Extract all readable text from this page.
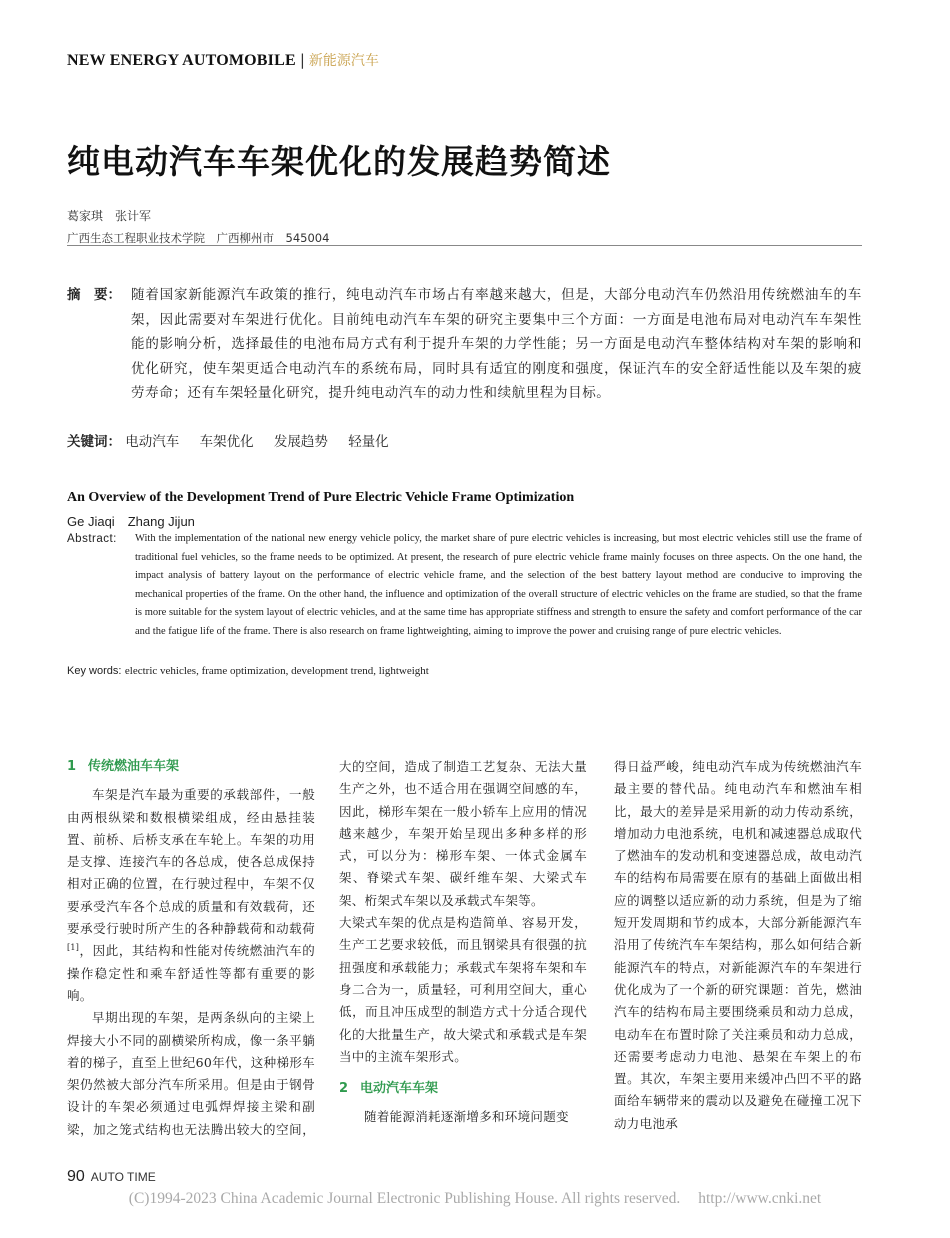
NEW ENERGY AUTOMOBILE | 新能源汽车
纯电动汽车车架优化的发展趋势简述
葛家琪　张计军
广西生态工程职业技术学院　广西柳州市　545004
摘　要： 随着国家新能源汽车政策的推行，纯电动汽车市场占有率越来越大，但是，大部分电动汽车仍然沿用传统燃油车的车架，因此需要对车架进行优化。目前纯电动汽车车架的研究主要集中三个方面：一方面是电池布局对电动汽车车架性能的影响分析，选择最佳的电池布局方式有利于提升车架的力学性能；另一方面是电动汽车整体结构对车架的影响和优化研究，使车架更适合电动汽车的系统布局，同时具有适宜的刚度和强度，保证汽车的安全舒适性能以及车架的疲劳寿命；还有车架轻量化研究，提升纯电动汽车的动力性和续航里程为目标。
关键词： 电动汽车 车架优化 发展趋势 轻量化
An Overview of the Development Trend of Pure Electric Vehicle Frame Optimization
Ge Jiaqi　Zhang Jijun
Abstract: With the implementation of the national new energy vehicle policy, the market share of pure electric vehicles is increasing, but most electric vehicles still use the frame of traditional fuel vehicles, so the frame needs to be optimized. At present, the research of pure electric vehicle frame mainly focuses on three aspects. On the one hand, the impact analysis of battery layout on the performance of electric vehicle frame, and the selection of the best battery layout method are conducive to improving the mechanical properties of the frame. On the other hand, the influence and optimization of the overall structure of electric vehicles on the frame are studied, so that the frame is more suitable for the system layout of electric vehicles, and at the same time has appropriate stiffness and strength to ensure the safety and comfort performance of the car and the fatigue life of the frame. There is also research on frame lightweighting, aiming to improve the power and cruising range of pure electric vehicles.
Key words: electric vehicles, frame optimization, development trend, lightweight
1 传统燃油车车架

车架是汽车最为重要的承载部件，一般由两根纵梁和数根横梁组成，经由悬挂装置、前桥、后桥支承在车轮上。车架的功用是支撑、连接汽车的各总成，使各总成保持相对正确的位置，在行驶过程中，车架不仅要承受汽车各个总成的质量和有效载荷，还要承受行驶时所产生的各种静载荷和动载荷[1]，因此，其结构和性能对传统燃油汽车的操作稳定性和乘车舒适性等都有重要的影响。

早期出现的车架，是两条纵向的主梁上焊接大小不同的副横梁所构成，像一条平躺着的梯子，直至上世纪60年代，这种梯形车架仍然被大部分汽车所采用。但是由于钢骨设计的车架必须通过电弧焊焊接主梁和副梁，加之笼式结构也无法腾出较大的空间，

大的空间，造成了制造工艺复杂、无法大量生产之外，也不适合用在强调空间感的车，因此，梯形车架在一般小轿车上应用的情况越来越少，车架开始呈现出多种多样的形式，可以分为：梯形车架、一体式金属车架、脊梁式车架、碳纤维车架、大梁式车架、桁架式车架以及承载式车架等。

大梁式车架的优点是构造简单、容易开发，生产工艺要求较低，而且钢梁具有很强的抗扭强度和承载能力；承载式车架将车架和车身二合为一，质量轻，可利用空间大，重心低，而且冲压成型的制造方式十分适合现代化的大批量生产，故大梁式和承载式是车架当中的主流车架形式。

2 电动汽车车架

随着能源消耗逐渐增多和环境问题变

得日益严峻，纯电动汽车成为传统燃油汽车最主要的替代品。纯电动汽车和燃油车相比，最大的差异是采用新的动力传动系统，增加动力电池系统，电机和减速器总成取代了燃油车的发动机和变速器总成，故电动汽车的结构布局需要在原有的基础上面做出相应的调整以适应新的动力系统，但是为了缩短开发周期和节约成本，大部分新能源汽车沿用了传统汽车车架结构，那么如何结合新能源汽车的特点，对新能源汽车的车架进行优化成为了一个新的研究课题：首先，燃油汽车的结构布局主要围绕乘员和动力总成，电动车在布置时除了关注乘员和动力总成，还需要考虑动力电池、悬架在车架上的布置。其次，车架主要用来缓冲凸凹不平的路面给车辆带来的震动以及避免在碰撞工况下动力电池承

90 AUTO TIME
(C)1994-2023 China Academic Journal Electronic Publishing House. All rights reserved. http://www.cnki.net
